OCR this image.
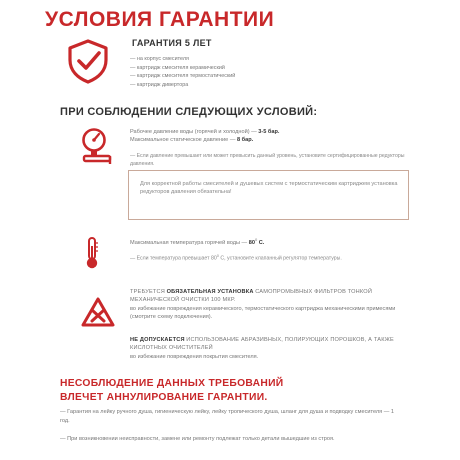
УСЛОВИЯ ГАРАНТИИ
ГАРАНТИЯ 5 ЛЕТ
— на корпус смесителя
— картридж смесителя керамический
— картридж смесителя термостатический
— картридж дивертора
ПРИ СОБЛЮДЕНИИ СЛЕДУЮЩИХ УСЛОВИЙ:
Рабочее давление воды (горячей и холодной) — 3-5 бар.
Максимальное статическое давление — 8 бар.
— Если давление превышает или может превысить данный уровень, установите сертифицированные редукторы давления.
Для корректной работы смесителей и душевых систем с термостатическим картриджем установка редукторов давления обязательна!
Максимальная температура горячей воды — $80^0$ С.
— Если температура превышает $80^0$ С, установите клапанный регулятор температуры.
ТРЕБУЕТСЯ ОБЯЗАТЕЛЬНАЯ УСТАНОВКА САМОПРОМЫВНЫХ ФИЛЬТРОВ ТОНКОЙ МЕХАНИЧЕСКОЙ ОЧИСТКИ 100 МКР.
во избежание повреждения керамического, термостатического картриджа механическими примесями (смотрите схему подключения).
НЕ ДОПУСКАЕТСЯ ИСПОЛЬЗОВАНИЕ АБРАЗИВНЫХ, ПОЛИРУЮЩИХ ПОРОШКОВ, А ТАКЖЕ КИСЛОТНЫХ ОЧИСТИТЕЛЕЙ
во избежание повреждения покрытия смесителя.
НЕСОБЛЮДЕНИЕ ДАННЫХ ТРЕБОВАНИЙ
ВЛЕЧЕТ АННУЛИРОВАНИЕ ГАРАНТИИ.
— Гарантия на лейку ручного душа, гигиеническую лейку, лейку тропического душа, шланг для душа и подводку смесителя — 1 год.
— При возникновении неисправности, замене или ремонту подлежат только детали вышедшие из строя.
